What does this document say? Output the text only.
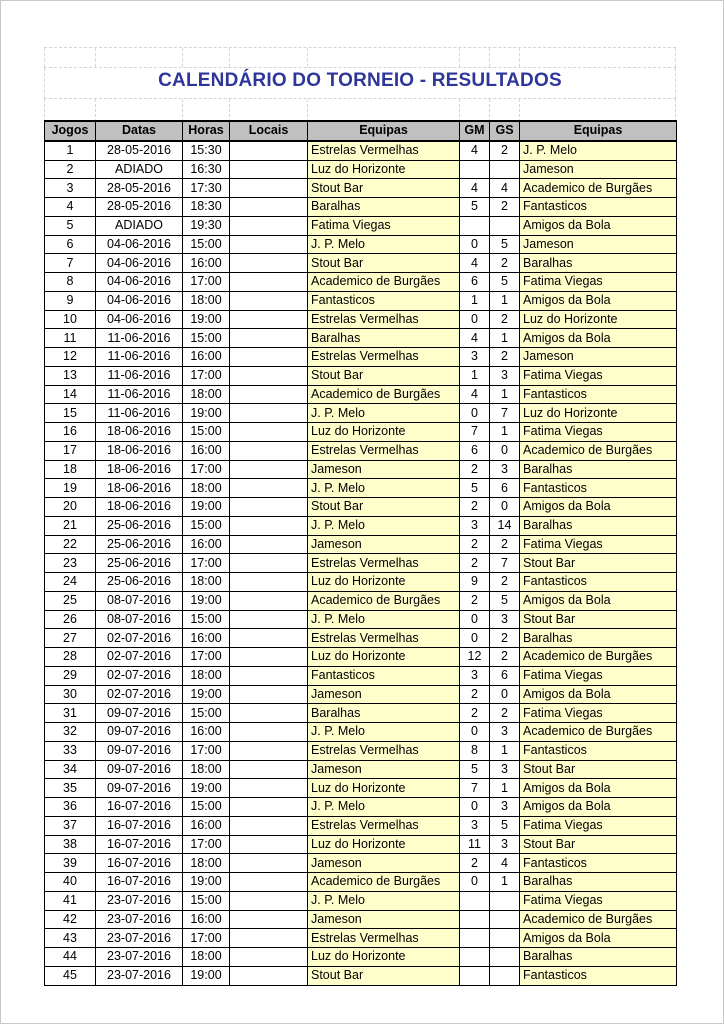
CALENDÁRIO DO TORNEIO - RESULTADOS
Jogos	Datas	Horas	Locais	Equipas	GM	GS	Equipas
1	28-05-2016	15:30		Estrelas Vermelhas	4	2	J. P. Melo
2	ADIADO	16:30		Luz do Horizonte			Jameson
3	28-05-2016	17:30		Stout Bar	4	4	Academico de Burgães
4	28-05-2016	18:30		Baralhas	5	2	Fantasticos
5	ADIADO	19:30		Fatima Viegas			Amigos da Bola
6	04-06-2016	15:00		J. P. Melo	0	5	Jameson
7	04-06-2016	16:00		Stout Bar	4	2	Baralhas
8	04-06-2016	17:00		Academico de Burgães	6	5	Fatima Viegas
9	04-06-2016	18:00		Fantasticos	1	1	Amigos da Bola
10	04-06-2016	19:00		Estrelas Vermelhas	0	2	Luz do Horizonte
11	11-06-2016	15:00		Baralhas	4	1	Amigos da Bola
12	11-06-2016	16:00		Estrelas Vermelhas	3	2	Jameson
13	11-06-2016	17:00		Stout Bar	1	3	Fatima Viegas
14	11-06-2016	18:00		Academico de Burgães	4	1	Fantasticos
15	11-06-2016	19:00		J. P. Melo	0	7	Luz do Horizonte
16	18-06-2016	15:00		Luz do Horizonte	7	1	Fatima Viegas
17	18-06-2016	16:00		Estrelas Vermelhas	6	0	Academico de Burgães
18	18-06-2016	17:00		Jameson	2	3	Baralhas
19	18-06-2016	18:00		J. P. Melo	5	6	Fantasticos
20	18-06-2016	19:00		Stout Bar	2	0	Amigos da Bola
21	25-06-2016	15:00		J. P. Melo	3	14	Baralhas
22	25-06-2016	16:00		Jameson	2	2	Fatima Viegas
23	25-06-2016	17:00		Estrelas Vermelhas	2	7	Stout Bar
24	25-06-2016	18:00		Luz do Horizonte	9	2	Fantasticos
25	08-07-2016	19:00		Academico de Burgães	2	5	Amigos da Bola
26	08-07-2016	15:00		J. P. Melo	0	3	Stout Bar
27	02-07-2016	16:00		Estrelas Vermelhas	0	2	Baralhas
28	02-07-2016	17:00		Luz do Horizonte	12	2	Academico de Burgães
29	02-07-2016	18:00		Fantasticos	3	6	Fatima Viegas
30	02-07-2016	19:00		Jameson	2	0	Amigos da Bola
31	09-07-2016	15:00		Baralhas	2	2	Fatima Viegas
32	09-07-2016	16:00		J. P. Melo	0	3	Academico de Burgães
33	09-07-2016	17:00		Estrelas Vermelhas	8	1	Fantasticos
34	09-07-2016	18:00		Jameson	5	3	Stout Bar
35	09-07-2016	19:00		Luz do Horizonte	7	1	Amigos da Bola
36	16-07-2016	15:00		J. P. Melo	0	3	Amigos da Bola
37	16-07-2016	16:00		Estrelas Vermelhas	3	5	Fatima Viegas
38	16-07-2016	17:00		Luz do Horizonte	11	3	Stout Bar
39	16-07-2016	18:00		Jameson	2	4	Fantasticos
40	16-07-2016	19:00		Academico de Burgães	0	1	Baralhas
41	23-07-2016	15:00		J. P. Melo			Fatima Viegas
42	23-07-2016	16:00		Jameson			Academico de Burgães
43	23-07-2016	17:00		Estrelas Vermelhas			Amigos da Bola
44	23-07-2016	18:00		Luz do Horizonte			Baralhas
45	23-07-2016	19:00		Stout Bar			Fantasticos
